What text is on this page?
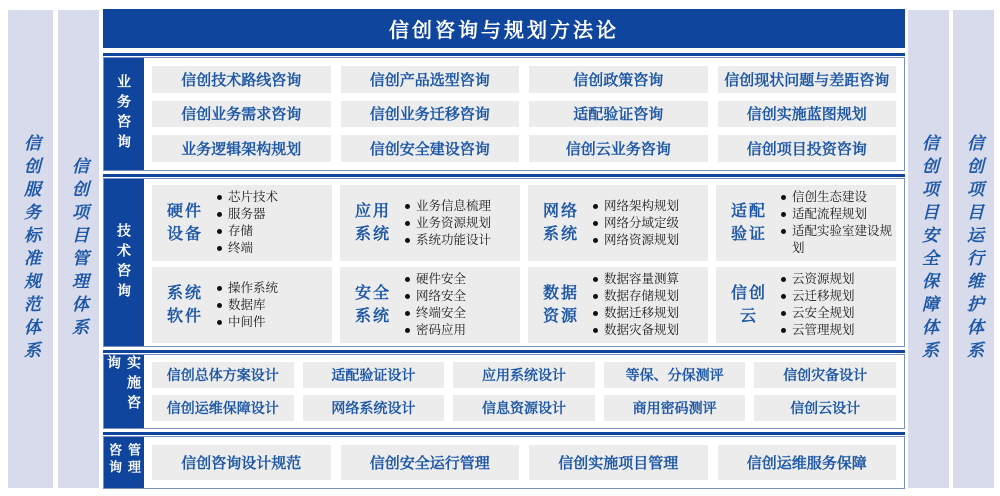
信创服务标准规范体系 信创项目管理体系
信创咨询与规划方法论
业务咨询	信创技术路线咨询	信创产品选型咨询	信创政策咨询	信创现状问题与差距咨询
信创业务需求咨询	信创业务迁移咨询	适配验证咨询	信创实施蓝图规划
业务逻辑架构规划	信创安全建设咨询	信创云业务咨询	信创项目投资咨询
技术咨询
硬件设备
芯片技术
服务器
存储
终端
应用系统
业务信息梳理
业务资源规划
系统功能设计
网络系统
网络架构规划
网络分域定级
网络资源规划
适配验证
信创生态建设
适配流程规划
适配实验室建设规划
系统软件
操作系统
数据库
中间件
安全系统
硬件安全
网络安全
终端安全
密码应用
数据资源
数据容量测算
数据存储规划
数据迁移规划
数据灾备规划
信创云
云资源规划
云迁移规划
云安全规划
云管理规划
实施咨询	信创总体方案设计	适配验证设计	应用系统设计	等保、分保测评	信创灾备设计
信创运维保障设计	网络系统设计	信息资源设计	商用密码测评	信创云设计
咨询管理	信创咨询设计规范	信创安全运行管理	信创实施项目管理	信创运维服务保障
信创项目安全保障体系 信创项目运行维护体系
